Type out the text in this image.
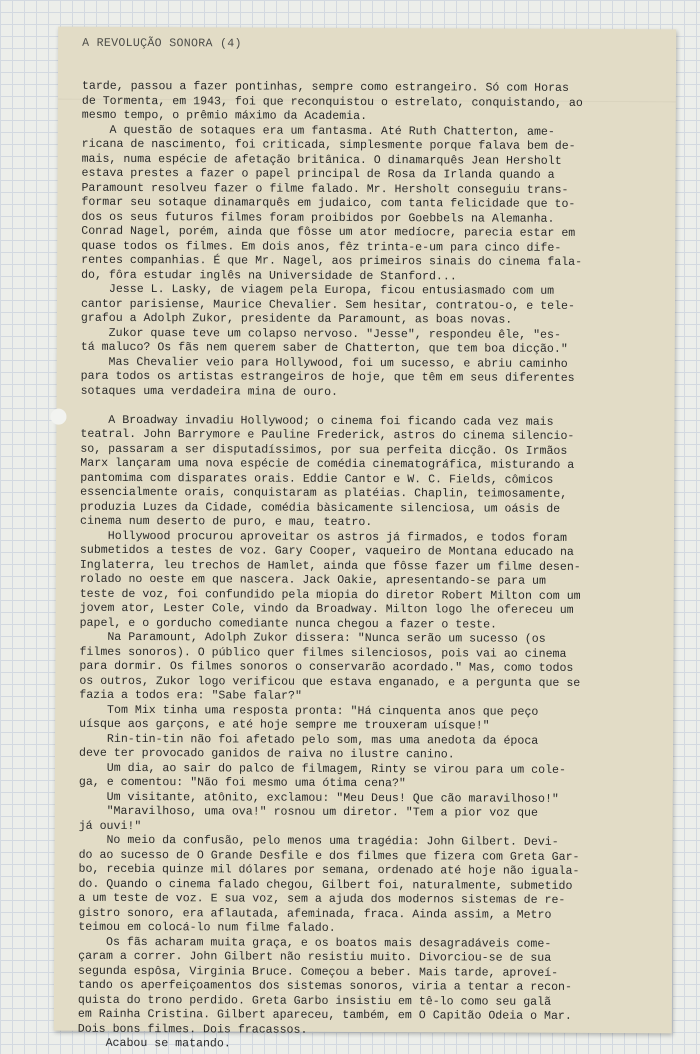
A REVOLUÇÃO SONORA (4)
tarde, passou a fazer pontinhas, sempre como estrangeiro. Só com Horas
de Tormenta, em 1943, foi que reconquistou o estrelato, conquistando, ao
mesmo tempo, o prêmio máximo da Academia.
A questão de sotaques era um fantasma. Até Ruth Chatterton, ame-
ricana de nascimento, foi criticada, simplesmente porque falava bem de-
mais, numa espécie de afetação britânica. O dinamarquês Jean Hersholt
estava prestes a fazer o papel principal de Rosa da Irlanda quando a
Paramount resolveu fazer o filme falado. Mr. Hersholt conseguiu trans-
formar seu sotaque dinamarquês em judaico, com tanta felicidade que to-
dos os seus futuros filmes foram proibidos por Goebbels na Alemanha.
Conrad Nagel, porém, ainda que fôsse um ator medíocre, parecia estar em
quase todos os filmes. Em dois anos, fêz trinta-e-um para cinco dife-
rentes companhias. É que Mr. Nagel, aos primeiros sinais do cinema fala-
do, fôra estudar inglês na Universidade de Stanford...
Jesse L. Lasky, de viagem pela Europa, ficou entusiasmado com um
cantor parisiense, Maurice Chevalier. Sem hesitar, contratou-o, e tele-
grafou a Adolph Zukor, presidente da Paramount, as boas novas.
Zukor quase teve um colapso nervoso. "Jesse", respondeu êle, "es-
tá maluco? Os fãs nem querem saber de Chatterton, que tem boa dicção."
Mas Chevalier veio para Hollywood, foi um sucesso, e abriu caminho
para todos os artistas estrangeiros de hoje, que têm em seus diferentes
sotaques uma verdadeira mina de ouro.
A Broadway invadiu Hollywood; o cinema foi ficando cada vez mais
teatral. John Barrymore e Pauline Frederick, astros do cinema silencio-
so, passaram a ser disputadíssimos, por sua perfeita dicção. Os Irmãos
Marx lançaram uma nova espécie de comédia cinematográfica, misturando a
pantomima com disparates orais. Eddie Cantor e W. C. Fields, cômicos
essencialmente orais, conquistaram as platéias. Chaplin, teimosamente,
produzia Luzes da Cidade, comédia bàsicamente silenciosa, um oásis de
cinema num deserto de puro, e mau, teatro.
Hollywood procurou aproveitar os astros já firmados, e todos foram
submetidos a testes de voz. Gary Cooper, vaqueiro de Montana educado na
Inglaterra, leu trechos de Hamlet, ainda que fôsse fazer um filme desen-
rolado no oeste em que nascera. Jack Oakie, apresentando-se para um
teste de voz, foi confundido pela miopia do diretor Robert Milton com um
jovem ator, Lester Cole, vindo da Broadway. Milton logo lhe ofereceu um
papel, e o gorducho comediante nunca chegou a fazer o teste.
Na Paramount, Adolph Zukor dissera: "Nunca serão um sucesso (os
filmes sonoros). O público quer filmes silenciosos, pois vai ao cinema
para dormir. Os filmes sonoros o conservarão acordado." Mas, como todos
os outros, Zukor logo verificou que estava enganado, e a pergunta que se
fazia a todos era: "Sabe falar?"
Tom Mix tinha uma resposta pronta: "Há cinquenta anos que peço
uísque aos garçons, e até hoje sempre me trouxeram uísque!"
Rin-tin-tin não foi afetado pelo som, mas uma anedota da época
deve ter provocado ganidos de raiva no ilustre canino.
Um dia, ao sair do palco de filmagem, Rinty se virou para um cole-
ga, e comentou: "Não foi mesmo uma ótima cena?"
Um visitante, atônito, exclamou: "Meu Deus! Que cão maravilhoso!"
"Maravilhoso, uma ova!" rosnou um diretor. "Tem a pior voz que
já ouvi!"
No meio da confusão, pelo menos uma tragédia: John Gilbert. Devi-
do ao sucesso de O Grande Desfile e dos filmes que fizera com Greta Gar-
bo, recebia quinze mil dólares por semana, ordenado até hoje não iguala-
do. Quando o cinema falado chegou, Gilbert foi, naturalmente, submetido
a um teste de voz. E sua voz, sem a ajuda dos modernos sistemas de re-
gistro sonoro, era aflautada, afeminada, fraca. Ainda assim, a Metro
teimou em colocá-lo num filme falado.
Os fãs acharam muita graça, e os boatos mais desagradáveis come-
çaram a correr. John Gilbert não resistiu muito. Divorciou-se de sua
segunda espôsa, Virginia Bruce. Começou a beber. Mais tarde, aproveí-
tando os aperfeiçoamentos dos sistemas sonoros, viria a tentar a recon-
quista do trono perdido. Greta Garbo insistiu em tê-lo como seu galã
em Rainha Cristina. Gilbert apareceu, também, em O Capitão Odeia o Mar.
Dois bons filmes. Dois fracassos.
Acabou se matando.
